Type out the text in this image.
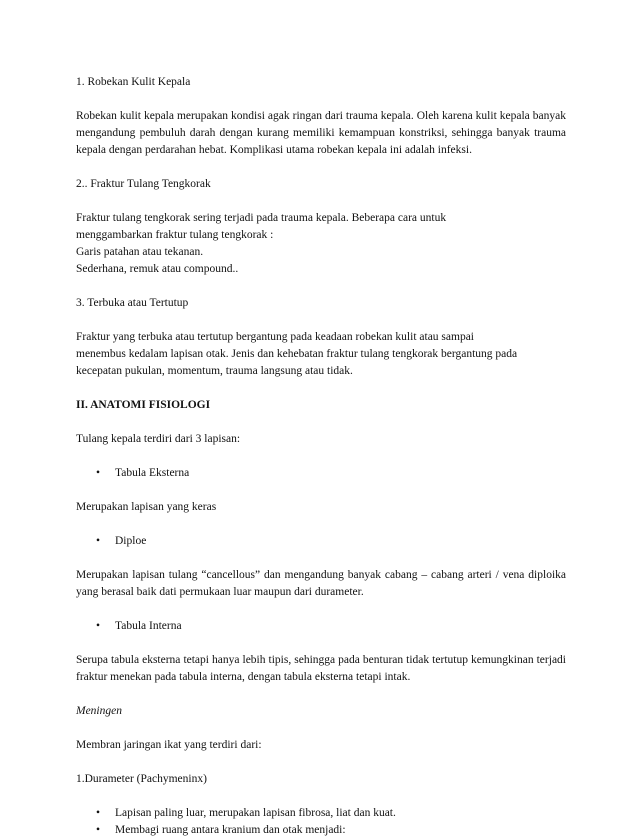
1. Robekan Kulit Kepala

Robekan kulit kepala merupakan kondisi agak ringan dari trauma kepala. Oleh karena kulit kepala banyak mengandung pembuluh darah dengan kurang memiliki kemampuan konstriksi, sehingga banyak trauma kepala dengan perdarahan hebat. Komplikasi utama robekan kepala ini adalah infeksi.

2.. Fraktur Tulang Tengkorak

Fraktur tulang tengkorak sering terjadi pada trauma kepala. Beberapa cara untuk

menggambarkan fraktur tulang tengkorak :

Garis patahan atau tekanan.

Sederhana, remuk atau compound..

3. Terbuka atau Tertutup

Fraktur yang terbuka atau tertutup bergantung pada keadaan robekan kulit atau sampai

menembus kedalam lapisan otak. Jenis dan kehebatan fraktur tulang tengkorak bergantung pada

kecepatan pukulan, momentum, trauma langsung atau tidak.

II. ANATOMI FISIOLOGI

Tulang kepala terdiri dari 3 lapisan:

• Tabula Eksterna

Merupakan lapisan yang keras

• Diploe

Merupakan lapisan tulang “cancellous” dan mengandung banyak cabang – cabang arteri / vena diploika yang berasal baik dati permukaan luar maupun dari durameter.

• Tabula Interna

Serupa tabula eksterna tetapi hanya lebih tipis, sehingga pada benturan tidak tertutup kemungkinan terjadi fraktur menekan pada tabula interna, dengan tabula eksterna tetapi intak.

Meningen

Membran jaringan ikat yang terdiri dari:

1.Durameter (Pachymeninx)

• Lapisan paling luar, merupakan lapisan fibrosa, liat dan kuat.
• Membagi ruang antara kranium dan otak menjadi:
